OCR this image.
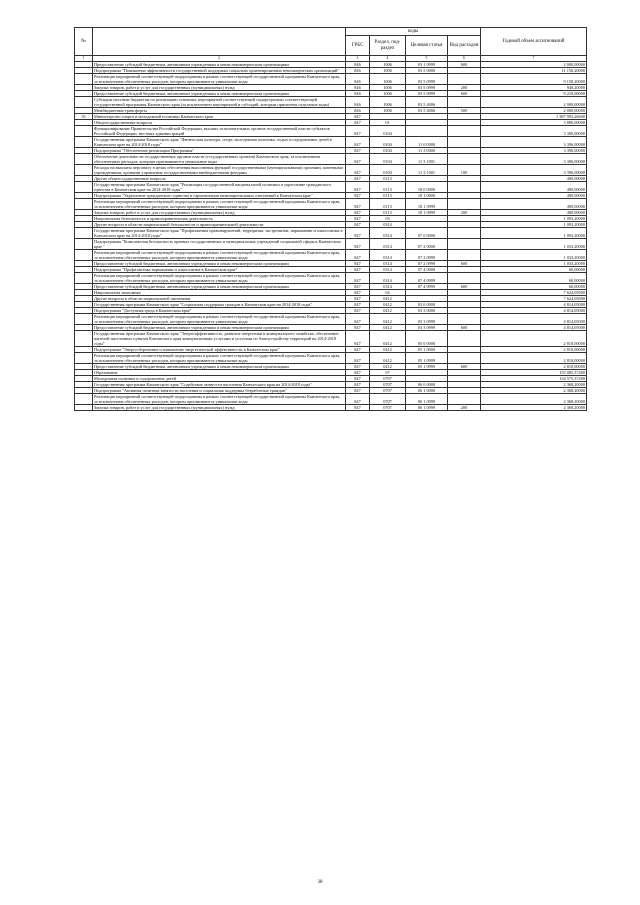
№		коды				Годовой объем ассигнований
		ГРБС	Раздел, под-раздел	Целевая статья	Вид расходов	
1	2	3	4	5	6	7
	Предоставление субсидий бюджетным, автономным учреждениям и иным некоммерческим организациям	846	1006	03 1 0999	600	2 000,00000
	Подпрограмма "Повышение эффективности государственной поддержки социально ориентированных некоммерческих организаций"	846	1006	03 5 0000		11 150,20000
	Реализация мероприятий соответствующей подпрограммы в рамках соответствующей государственной программы Камчатского края, за исключением обеспеченных расходов, которым присваиваются уникальные коды	846	1006	03 5 0999		9 150,20000
	Закупка товаров, работ и услуг для государственных (муниципальных) нужд	846	1006	03 5 0999	200	940,20000
	Предоставление субсидий бюджетным, автономным учреждениям и иным некоммерческим организациям	846	1006	03 5 0999	600	8 210,00000
	Субсидии местным бюджетам на реализацию основных мероприятий соответствующей подпрограммы соответствующей государственной программы Камчатского края (за исключением мероприятий и субсидий, которым присвоены отдельные коды)	846	1006	03 5 4006		2 000,00000
	Межбюджетные трансферты	846	1006	03 5 4006	500	2 000,00000
35	Министерство спорта и молодежной политики Камчатского края	847				1 387 993,26600
	Общегосударственные вопросы	847	01			3 886,00000
	Функционирование Правительства Российской Федерации, высших исполнительных органов государственной власти субъектов Российской Федерации, местных администраций	847	0104			3 396,00000
	Государственная программа Камчатского края "Физическая культура, спорт, молодежная политика, отдых и оздоровление детей в Камчатском крае на 2014-2018 годы"	847	0104	11 0 0000		3 396,00000
	Подпрограмма "Обеспечение реализации Программы"	847	0104	11 3 0000		3 396,00000
	Обеспечение деятельности государственных органов власти (государственных органов) Камчатского края, за исключением обеспеченных расходов, которым присваиваются уникальные коды	847	0104	11 3 1001		3 396,00000
	Расходы на выплаты персоналу в целях обеспечения выполнения функций государственными (муниципальными) органами, казенными учреждениями, органами управления государственными внебюджетными фондами	847	0104	11 3 1001	100	3 396,00000
	Другие общегосударственные вопросы	847	0113			490,00000
	Государственная программа Камчатского края "Реализация государственной национальной политики и укрепление гражданского единства в Камчатском крае на 2014-2018 годы"	847	0113	18 0 0000		490,00000
	Подпрограмма "Укрепление гражданского единства и гармонизация межнациональных отношений в Камчатском крае"	847	0113	18 1 0000		490,00000
	Реализация мероприятий соответствующей подпрограммы в рамках соответствующей государственной программы Камчатского края, за исключением обеспеченных расходов, которым присваиваются уникальные коды	847	0113	18 1 0999		490,00000
	Закупка товаров, работ и услуг для государственных (муниципальных) нужд	847	0113	18 1 0999	200	490,00000
	Национальная безопасность и правоохранительная деятельность	847	03			1 093,20000
	Другие вопросы в области национальной безопасности и правоохранительной деятельности	847	0314			1 093,20000
	Государственная программа Камчатского края "Профилактика правонарушений, терроризма, экстремизма, наркомании и алкоголизма в Камчатском крае на 2014-2018 годы"	847	0314	07 0 0000		1 093,20000
	Подпрограмма "Комплексная безопасность краевых государственных и муниципальных учреждений социальной сферы в Камчатском крае "	847	0314	07 2 0000		1 033,20000
	Реализация мероприятий соответствующей подпрограммы в рамках соответствующей государственной программы Камчатского края, за исключением обеспеченных расходов, которым присваиваются уникальные коды	847	0314	07 2 0999		1 033,20000
	Предоставление субсидий бюджетным, автономным учреждениям и иным некоммерческим организациям	847	0314	07 2 0999	600	1 033,20000
	Подпрограмма "Профилактика наркомании и алкоголизма в Камчатском крае"	847	0314	07 4 0000		60,00000
	Реализация мероприятий соответствующей подпрограммы в рамках соответствующей государственной программы Камчатского края, за исключением обеспеченных расходов, которым присваиваются уникальные коды	847	0314	07 4 0999		60,00000
	Предоставление субсидий бюджетным, автономным учреждениям и иным некоммерческим организациям	847	0314	07 4 0999	600	60,00000
	Национальная экономика	847	04			7 624,05000
	Другие вопросы в области национальной экономики	847	0412			7 624,05000
	Государственная программа Камчатского края "Социальная поддержка граждан в Камчатском крае на 2014-2018 годы"	847	0412	03 0 0000		4 814,05000
	Подпрограмма "Доступная среда в Камчатском крае"	847	0412	03 3 0000		4 814,05000
	Реализация мероприятий соответствующей подпрограммы в рамках соответствующей государственной программы Камчатского края, за исключением обеспеченных расходов, которым присваиваются уникальные коды	847	0412	03 3 0999		4 814,05000
	Предоставление субсидий бюджетным, автономным учреждениям и иным некоммерческим организациям	847	0412	03 3 0999	600	4 814,05000
	Государственная программа Камчатского края "Энергоэффективность, развитие энергетики и коммунального хозяйства, обеспечение жителей населенных пунктов Камчатского края коммунальными услугами и услугами по благоустройству территорий на 2014-2018 годы"	847	0412	05 0 0000		2 810,00000
	Подпрограмма "Энергосбережение и повышение энергетической эффективности в Камчатском крае"	847	0412	05 1 0000		2 810,00000
	Реализация мероприятий соответствующей подпрограммы в рамках соответствующей государственной программы Камчатского края, за исключением обеспеченных расходов, которым присваиваются уникальные коды	847	0412	05 1 0999		2 810,00000
	Предоставление субсидий бюджетным, автономным учреждениям и иным некоммерческим организациям	847	0412	05 1 0999	600	2 810,00000
	Образование	847	07			155 085,37400
	Молодежная политика и оздоровление детей	847	0707			154 575,37400
	Государственная программа Камчатского края "Содействие занятости населения Камчатского края на 2014-2018 годы"	847	0707	06 0 0000		2 368,20000
	Подпрограмма "Активная политика занятости населения и социальная поддержка безработных граждан"	847	0707	06 1 0000		2 368,20000
	Реализация мероприятий соответствующей подпрограммы в рамках соответствующей государственной программы Камчатского края, за исключением обеспеченных расходов, которым присваиваются уникальные коды	847	0707	06 1 0999		2 368,20000
	Закупка товаров, работ и услуг для государственных (муниципальных) нужд	847	0707	06 1 0999	200	2 368,20000
38
